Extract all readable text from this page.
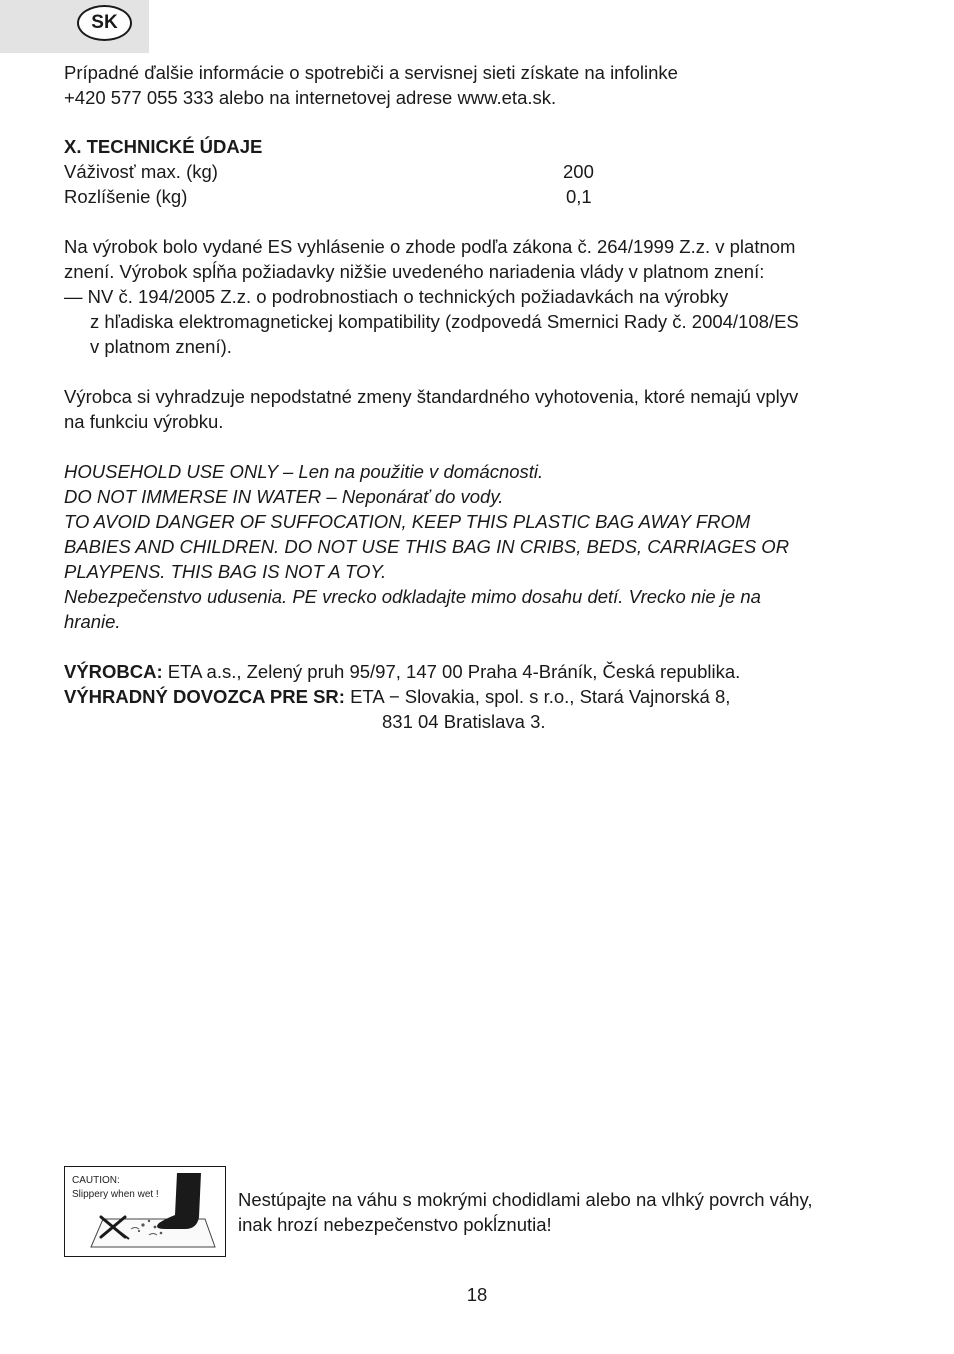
SK
Prípadné ďalšie informácie o spotrebiči a servisnej sieti získate na infolinke
+420 577 055 333 alebo na internetovej adrese www.eta.sk.
X. TECHNICKÉ ÚDAJE
Váživosť max. (kg)	200
Rozlíšenie (kg)	0,1
Na výrobok bolo vydané ES vyhlásenie o zhode podľa zákona č. 264/1999 Z.z. v platnom
znení. Výrobok spĺňa požiadavky nižšie uvedeného nariadenia vlády v platnom znení:
— NV č. 194/2005 Z.z. o podrobnostiach o technických požiadavkách na výrobky
z hľadiska elektromagnetickej kompatibility (zodpovedá Smernici Rady č. 2004/108/ES
v platnom znení).
Výrobca si vyhradzuje nepodstatné zmeny štandardného vyhotovenia, ktoré nemajú vplyv
na funkciu výrobku.
HOUSEHOLD USE ONLY – Len na použitie v domácnosti.
DO NOT IMMERSE IN WATER – Neponárať do vody.
TO AVOID DANGER OF SUFFOCATION, KEEP THIS PLASTIC BAG AWAY FROM
BABIES AND CHILDREN. DO NOT USE THIS BAG IN CRIBS, BEDS, CARRIAGES OR
PLAYPENS. THIS BAG IS NOT A TOY.
Nebezpečenstvo udusenia. PE vrecko odkladajte mimo dosahu detí. Vrecko nie je na
hranie.
VÝROBCA: ETA a.s., Zelený pruh 95/97, 147 00 Praha 4-Bráník, Česká republika.
VÝHRADNÝ DOVOZCA PRE SR: ETA − Slovakia, spol. s r.o., Stará Vajnorská 8,
831 04 Bratislava 3.
CAUTION:
Slippery when wet !	Nestúpajte na váhu s mokrými chodidlami alebo na vlhký povrch váhy,
inak hrozí nebezpečenstvo pokĺznutia!
18
